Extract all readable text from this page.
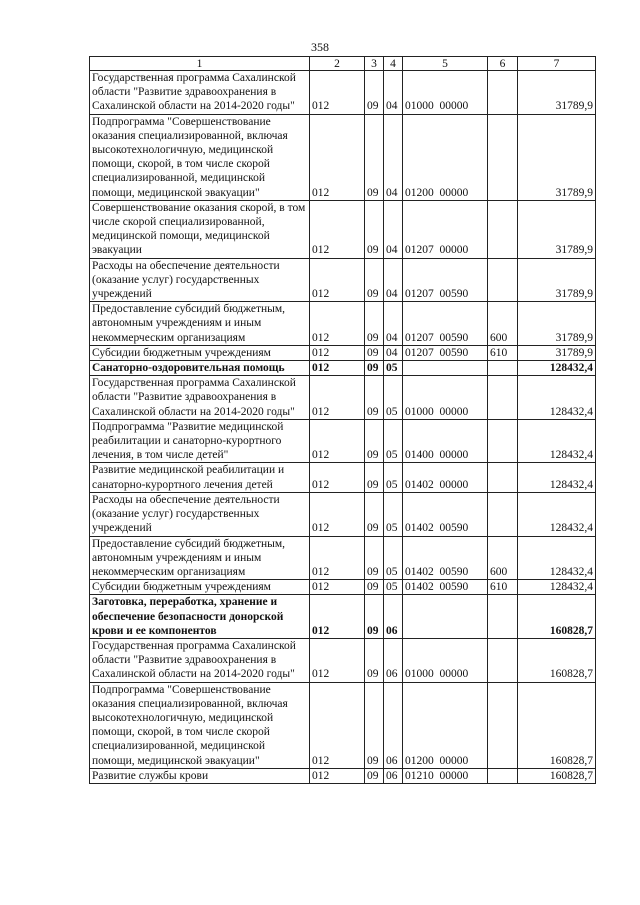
358
1	2	3	4	5	6	7
Государственная программа Сахалинской области "Развитие здравоохранения в Сахалинской области на 2014-2020 годы"	012	09	04	01000  00000		31789,9
Подпрограмма "Совершенствование оказания специализированной, включая высокотехнологичную, медицинской помощи, скорой, в том числе скорой специализированной, медицинской помощи, медицинской эвакуации"	012	09	04	01200  00000		31789,9
Совершенствование оказания скорой, в том числе скорой специализированной, медицинской помощи, медицинской эвакуации	012	09	04	01207  00000		31789,9
Расходы на обеспечение деятельности (оказание услуг) государственных учреждений	012	09	04	01207  00590		31789,9
Предоставление субсидий бюджетным, автономным учреждениям и иным некоммерческим организациям	012	09	04	01207  00590	600	31789,9
Субсидии бюджетным учреждениям	012	09	04	01207  00590	610	31789,9
Санаторно-оздоровительная помощь	012	09	05			128432,4
Государственная программа Сахалинской области "Развитие здравоохранения в Сахалинской области на 2014-2020 годы"	012	09	05	01000  00000		128432,4
Подпрограмма "Развитие медицинской реабилитации и санаторно-курортного лечения, в том числе детей"	012	09	05	01400  00000		128432,4
Развитие медицинской реабилитации и санаторно-курортного лечения детей	012	09	05	01402  00000		128432,4
Расходы на обеспечение деятельности (оказание услуг) государственных учреждений	012	09	05	01402  00590		128432,4
Предоставление субсидий бюджетным, автономным учреждениям и иным некоммерческим организациям	012	09	05	01402  00590	600	128432,4
Субсидии бюджетным учреждениям	012	09	05	01402  00590	610	128432,4
Заготовка, переработка, хранение и обеспечение безопасности донорской крови и ее компонентов	012	09	06			160828,7
Государственная программа Сахалинской области "Развитие здравоохранения в Сахалинской области на 2014-2020 годы"	012	09	06	01000  00000		160828,7
Подпрограмма "Совершенствование оказания специализированной, включая высокотехнологичную, медицинской помощи, скорой, в том числе скорой специализированной, медицинской помощи, медицинской эвакуации"	012	09	06	01200  00000		160828,7
Развитие службы крови	012	09	06	01210  00000		160828,7
